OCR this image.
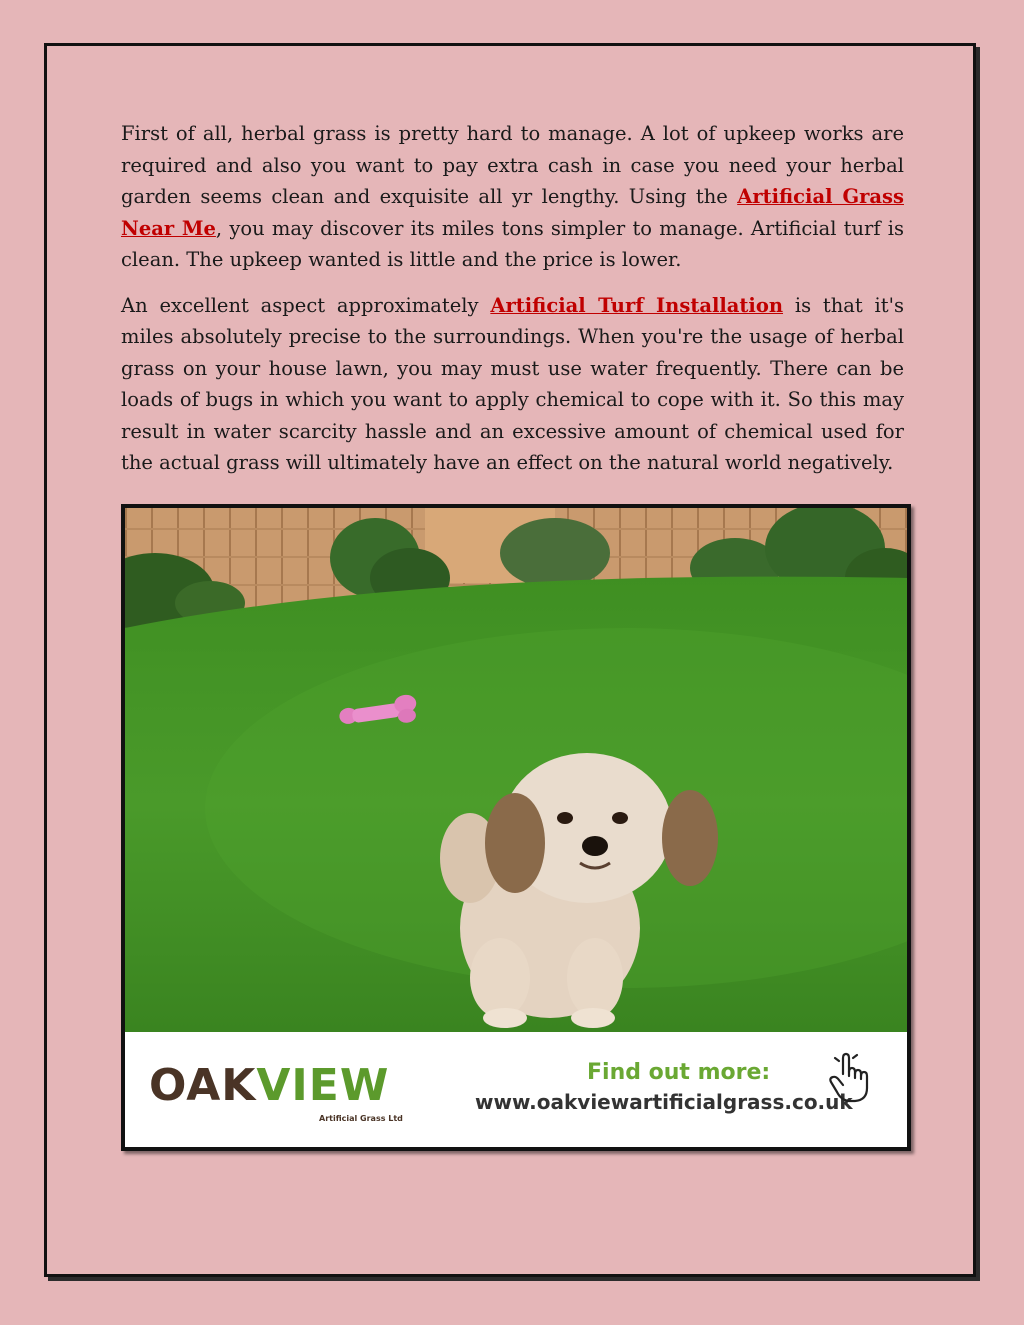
First of all, herbal grass is pretty hard to manage. A lot of upkeep works are required and also you want to pay extra cash in case you need your herbal garden seems clean and exquisite all yr lengthy. Using the Artificial Grass Near Me, you may discover its miles tons simpler to manage. Artificial turf is clean. The upkeep wanted is little and the price is lower.

An excellent aspect approximately Artificial Turf Installation is that it's miles absolutely precise to the surroundings. When you're the usage of herbal grass on your house lawn, you may must use water frequently. There can be loads of bugs in which you want to apply chemical to cope with it. So this may result in water scarcity hassle and an excessive amount of chemical used for the actual grass will ultimately have an effect on the natural world negatively.

OAKVIEW
Artificial Grass Ltd
Find out more:
www.oakviewartificialgrass.co.uk
